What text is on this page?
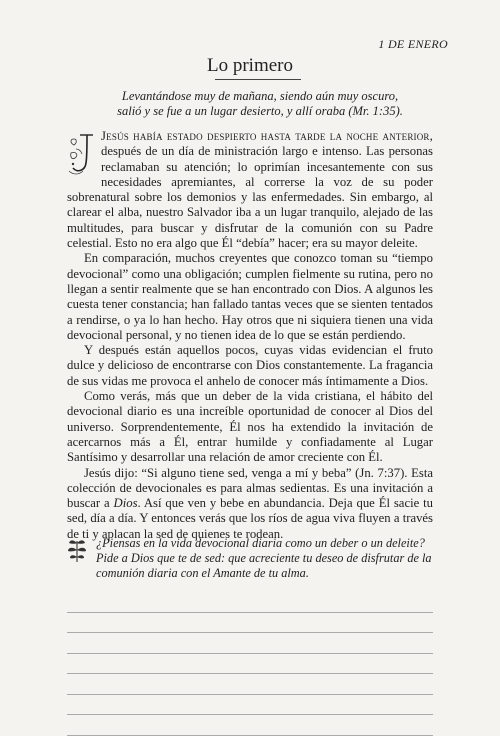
1 DE ENERO
Lo primero
Levantándose muy de mañana, siendo aún muy oscuro,
salió y se fue a un lugar desierto, y allí oraba (Mr. 1:35).

Jesús había estado despierto hasta tarde la noche anterior, después de un día de ministración largo e intenso. Las personas reclamaban su atención; lo oprimían incesantemente con sus necesidades apremiantes, al correrse la voz de su poder sobrenatural sobre los demonios y las enfermedades. Sin embargo, al clarear el alba, nuestro Salvador iba a un lugar tranquilo, alejado de las multitudes, para buscar y disfrutar de la comunión con su Padre celestial. Esto no era algo que Él “debía” hacer; era su mayor deleite.

En comparación, muchos creyentes que conozco toman su “tiempo devocional” como una obligación; cumplen fielmente su rutina, pero no llegan a sentir realmente que se han encontrado con Dios. A algunos les cuesta tener constancia; han fallado tantas veces que se sienten tentados a rendirse, o ya lo han hecho. Hay otros que ni siquiera tienen una vida devocional personal, y no tienen idea de lo que se están perdiendo.

Y después están aquellos pocos, cuyas vidas evidencian el fruto dulce y delicioso de encontrarse con Dios constantemente. La fragancia de sus vidas me provoca el anhelo de conocer más íntimamente a Dios.

Como verás, más que un deber de la vida cristiana, el hábito del devocional diario es una increíble oportunidad de conocer al Dios del universo. Sorprendentemente, Él nos ha extendido la invitación de acercarnos más a Él, entrar humilde y confiadamente al Lugar Santísimo y desarrollar una relación de amor creciente con Él.

Jesús dijo: “Si alguno tiene sed, venga a mí y beba” (Jn. 7:37). Esta colección de devocionales es para almas sedientas. Es una invitación a buscar a Dios. Así que ven y bebe en abundancia. Deja que Él sacie tu sed, día a día. Y entonces verás que los ríos de agua viva fluyen a través de ti y aplacan la sed de quienes te rodean.

¿Piensas en la vida devocional diaria como un deber o un deleite? Pide a Dios que te de sed: que acreciente tu deseo de disfrutar de la comunión diaria con el Amante de tu alma.
